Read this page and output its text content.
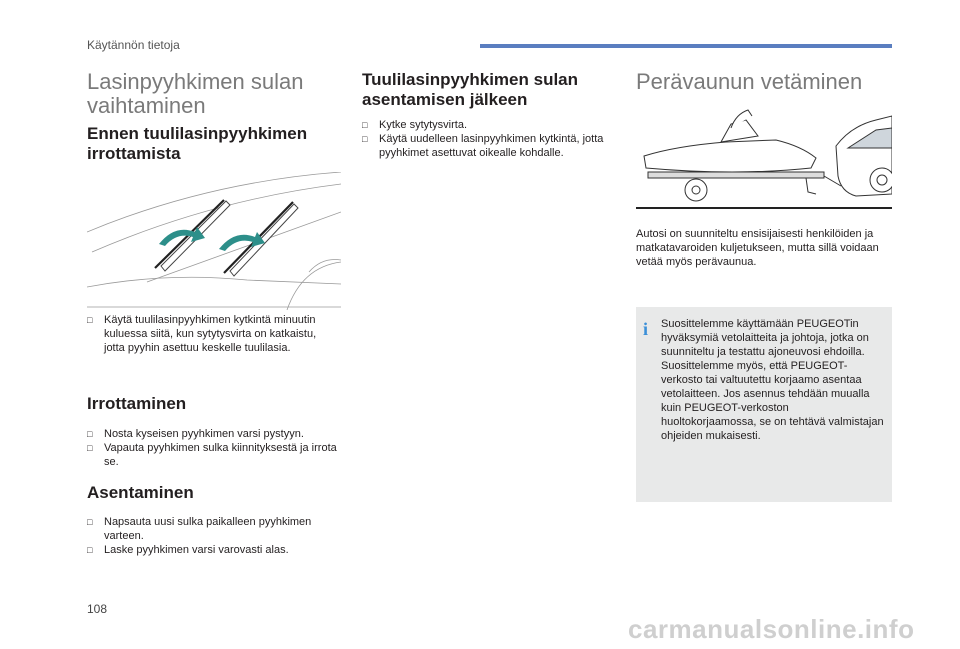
Käytännön tietoja
Lasinpyyhkimen sulan vaihtaminen
Ennen tuulilasinpyyhkimen irrottamista

□ Käytä tuulilasinpyyhkimen kytkintä minuutin kuluessa siitä, kun sytytysvirta on katkaistu, jotta pyyhin asettuu keskelle tuulilasia.

Irrottaminen

□ Nosta kyseisen pyyhkimen varsi pystyyn.

□ Vapauta pyyhkimen sulka kiinnityksestä ja irrota se.

Asentaminen

□ Napsauta uusi sulka paikalleen pyyhkimen varteen.

□ Laske pyyhkimen varsi varovasti alas.

Tuulilasinpyyhkimen sulan asentamisen jälkeen

□ Kytke sytytysvirta.

□ Käytä uudelleen lasinpyyhkimen kytkintä, jotta pyyhkimet asettuvat oikealle kohdalle.

Perävaunun vetäminen
Autosi on suunniteltu ensisijaisesti henkilöiden ja matkatavaroiden kuljetukseen, mutta sillä voidaan vetää myös perävaunua.
i	Suosittelemme käyttämään PEUGEOTin hyväksymiä vetolaitteita ja johtoja, jotka on suunniteltu ja testattu ajoneuvosi ehdoilla. Suosittelemme myös, että PEUGEOT-verkosto tai valtuutettu korjaamo asentaa vetolaitteen. Jos asennus tehdään muualla kuin PEUGEOT-verkoston huoltokorjaamossa, se on tehtävä valmistajan ohjeiden mukaisesti.
108
carmanualsonline.info
